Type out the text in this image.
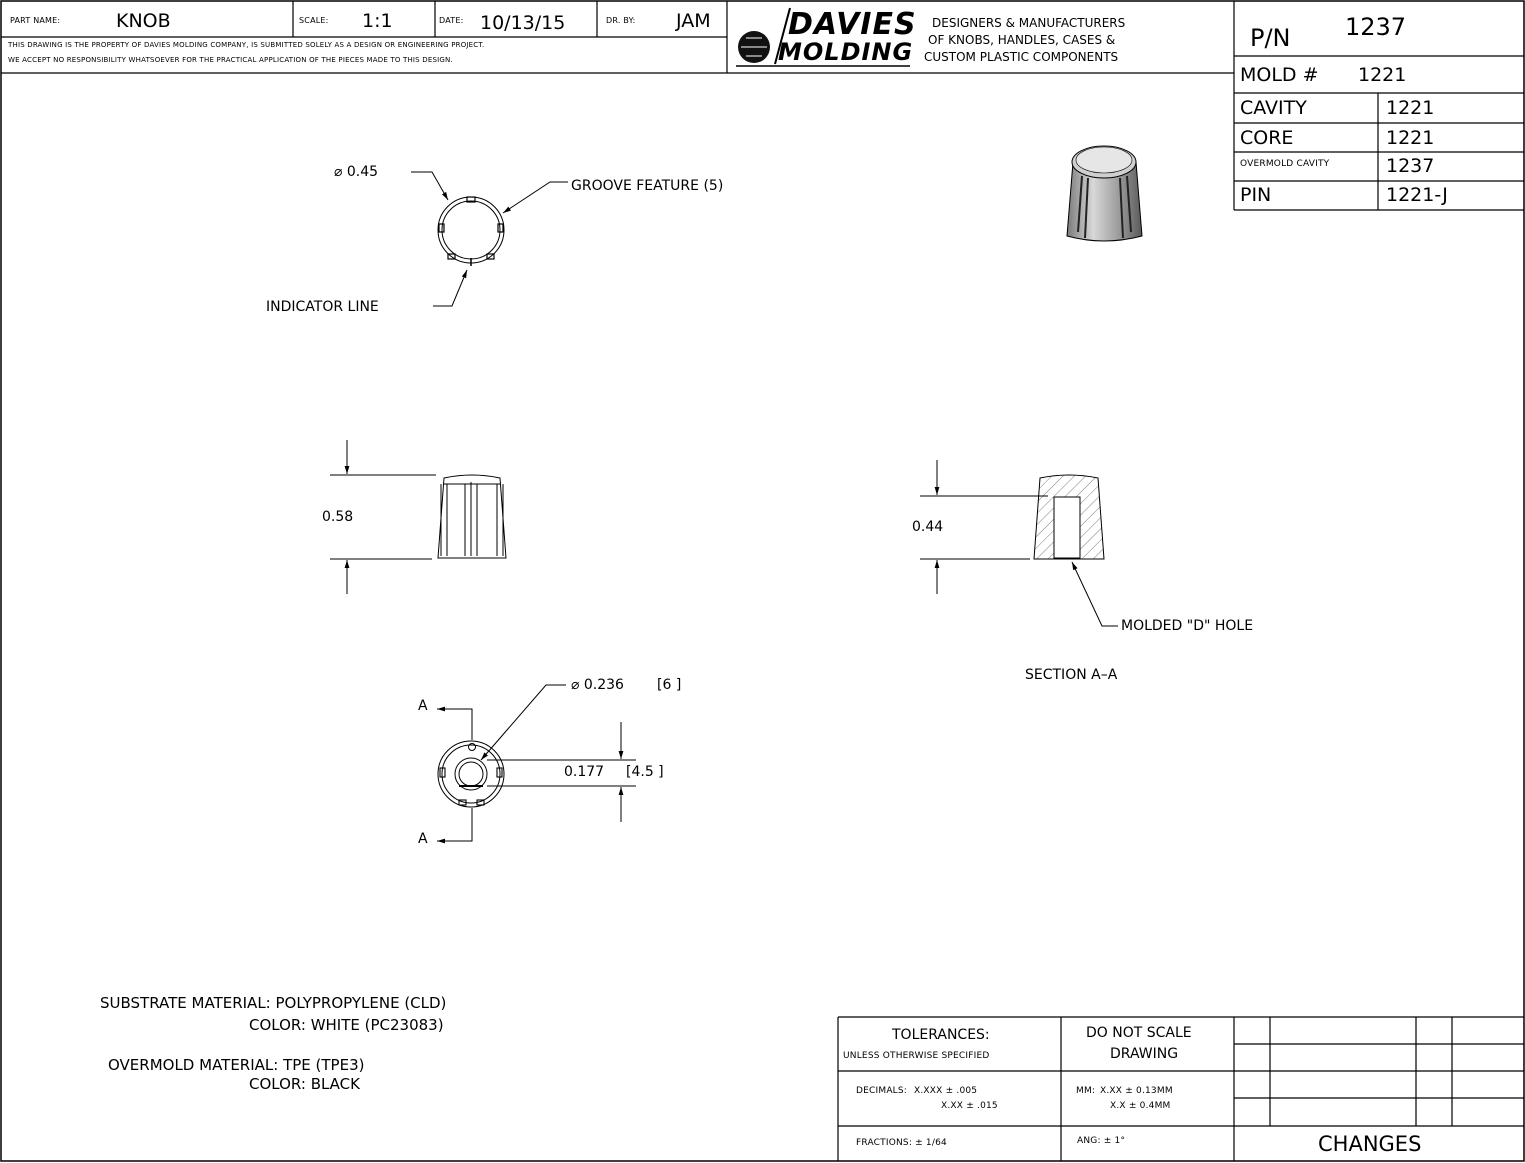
PART NAME:	KNOB	SCALE: 1:1	DATE: 10/13/15	DR. BY: JAM
THIS DRAWING IS THE PROPERTY OF DAVIES MOLDING COMPANY, IS SUBMITTED SOLELY AS A DESIGN OR ENGINEERING PROJECT.
WE ACCEPT NO RESPONSIBILITY WHATSOEVER FOR THE PRACTICAL APPLICATION OF THE PIECES MADE TO THIS DESIGN.
DAVIES
MOLDING
DESIGNERS & MANUFACTURERS
OF KNOBS, HANDLES, CASES &
CUSTOM PLASTIC COMPONENTS
P/N 1237
MOLD # 1221
CAVITY	1221
CORE	1221
OVERMOLD CAVITY	1237
PIN	1221-J
⌀ 0.45
GROOVE FEATURE (5)
INDICATOR LINE
0.58
0.44
MOLDED "D" HOLE
SECTION A–A
⌀ 0.236 [6 ]
0.177 [4.5 ]
A
A
SUBSTRATE MATERIAL: POLYPROPYLENE (CLD)
COLOR: WHITE (PC23083)
OVERMOLD MATERIAL: TPE (TPE3)
COLOR: BLACK
TOLERANCES:
UNLESS OTHERWISE SPECIFIED
DO NOT SCALE
DRAWING
DECIMALS: X.XXX ± .005
X.XX ± .015
MM: X.XX ± 0.13MM
X.X ± 0.4MM
FRACTIONS: ± 1/64	ANG: ± 1°	CHANGES
